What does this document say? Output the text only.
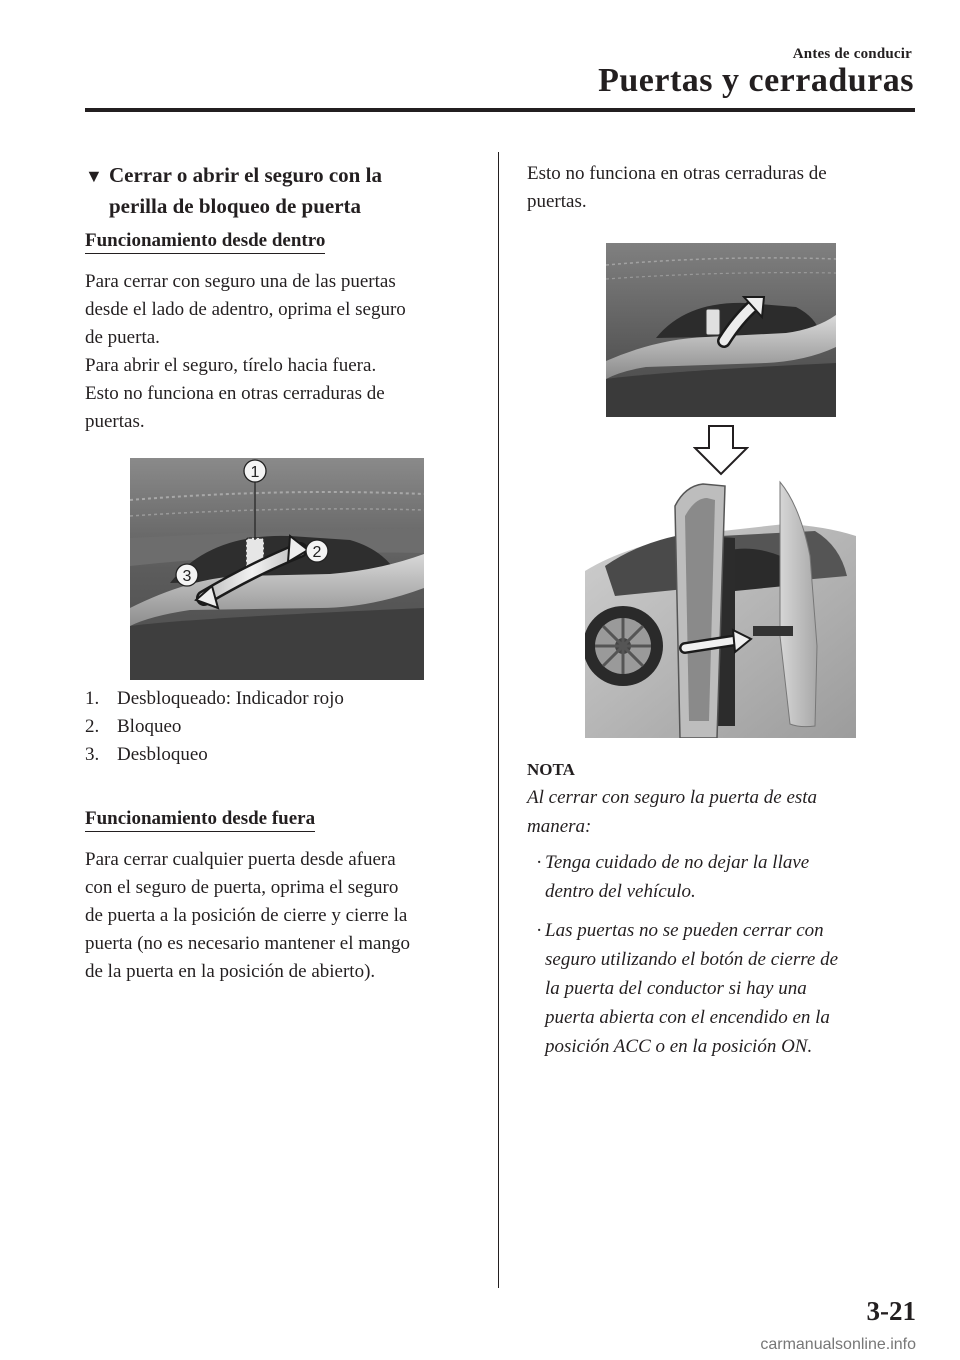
Antes de conducir
Puertas y cerraduras
▼ Cerrar o abrir el seguro con la
perilla de bloqueo de puerta
Funcionamiento desde dentro
Para cerrar con seguro una de las puertas
desde el lado de adentro, oprima el seguro
de puerta.
Para abrir el seguro, tírelo hacia fuera.
Esto no funciona en otras cerraduras de
puertas.
1
2
3
1. Desbloqueado: Indicador rojo
2. Bloqueo
3. Desbloqueo
Funcionamiento desde fuera
Para cerrar cualquier puerta desde afuera
con el seguro de puerta, oprima el seguro
de puerta a la posición de cierre y cierre la
puerta (no es necesario mantener el mango
de la puerta en la posición de abierto).
Esto no funciona en otras cerraduras de
puertas.
NOTA
Al cerrar con seguro la puerta de esta
manera:
· Tenga cuidado de no dejar la llave
dentro del vehículo.
· Las puertas no se pueden cerrar con
seguro utilizando el botón de cierre de
la puerta del conductor si hay una
puerta abierta con el encendido en la
posición ACC o en la posición ON.
3-21
carmanualsonline.info
